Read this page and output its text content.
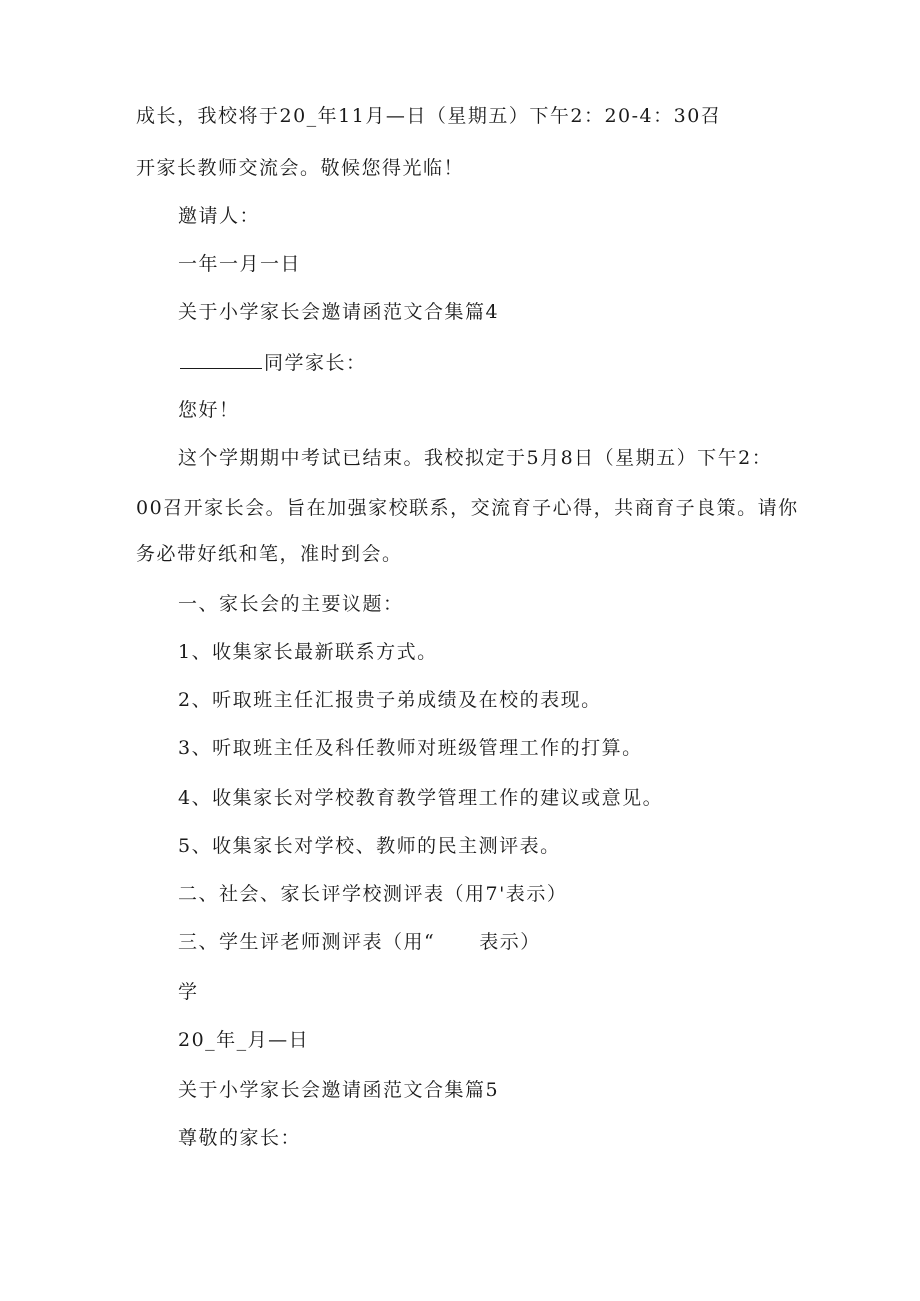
成长，我校将于20_年11月—日（星期五）下午2：20-4：30召
开家长教师交流会。敬候您得光临！
邀请人：
一年一月一日
关于小学家长会邀请函范文合集篇4
同学家长：
您好！
这个学期期中考试已结束。我校拟定于5月8日（星期五）下午2：
00召开家长会。旨在加强家校联系，交流育子心得，共商育子良策。请你
务必带好纸和笔，准时到会。
一、家长会的主要议题：
1、收集家长最新联系方式。
2、听取班主任汇报贵子弟成绩及在校的表现。
3、听取班主任及科任教师对班级管理工作的打算。
4、收集家长对学校教育教学管理工作的建议或意见。
5、收集家长对学校、教师的民主测评表。
二、社会、家长评学校测评表（用7'表示）
三、学生评老师测评表（用“ 表示）
学
20_年_月—日
关于小学家长会邀请函范文合集篇5
尊敬的家长：
